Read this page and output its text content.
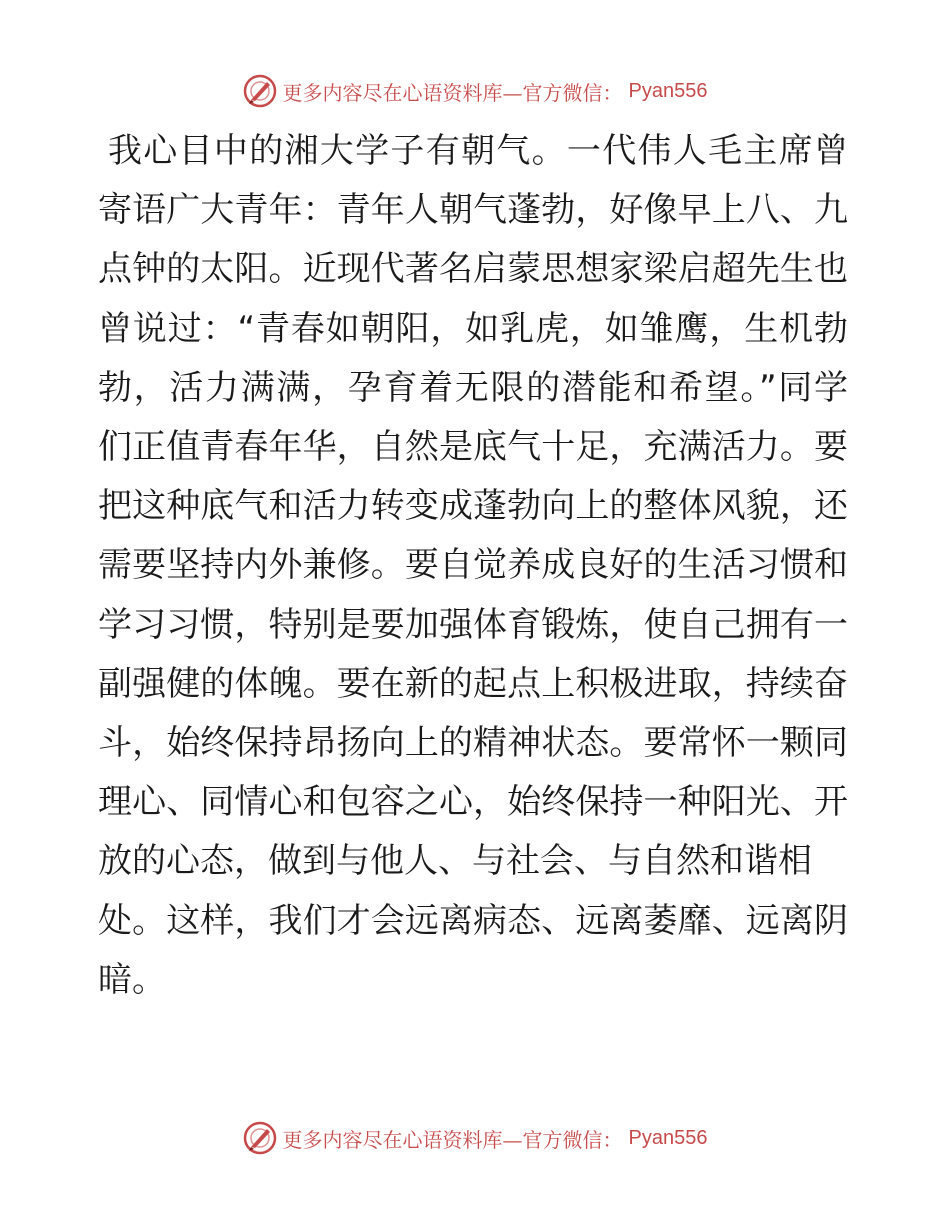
更多内容尽在心语资料库—官方微信： Pyan556
我心目中的湘大学子有朝气。一代伟人毛主席曾
寄语广大青年：青年人朝气蓬勃，好像早上八、九
点钟的太阳。近现代著名启蒙思想家梁启超先生也
曾说过：“青春如朝阳，如乳虎，如雏鹰，生机勃
勃，活力满满，孕育着无限的潜能和希望。”同学
们正值青春年华，自然是底气十足，充满活力。要
把这种底气和活力转变成蓬勃向上的整体风貌，还
需要坚持内外兼修。要自觉养成良好的生活习惯和
学习习惯，特别是要加强体育锻炼，使自己拥有一
副强健的体魄。要在新的起点上积极进取，持续奋
斗，始终保持昂扬向上的精神状态。要常怀一颗同
理心、同情心和包容之心，始终保持一种阳光、开
放的心态，做到与他人、与社会、与自然和谐相
处。这样，我们才会远离病态、远离萎靡、远离阴
暗。
更多内容尽在心语资料库—官方微信： Pyan556
